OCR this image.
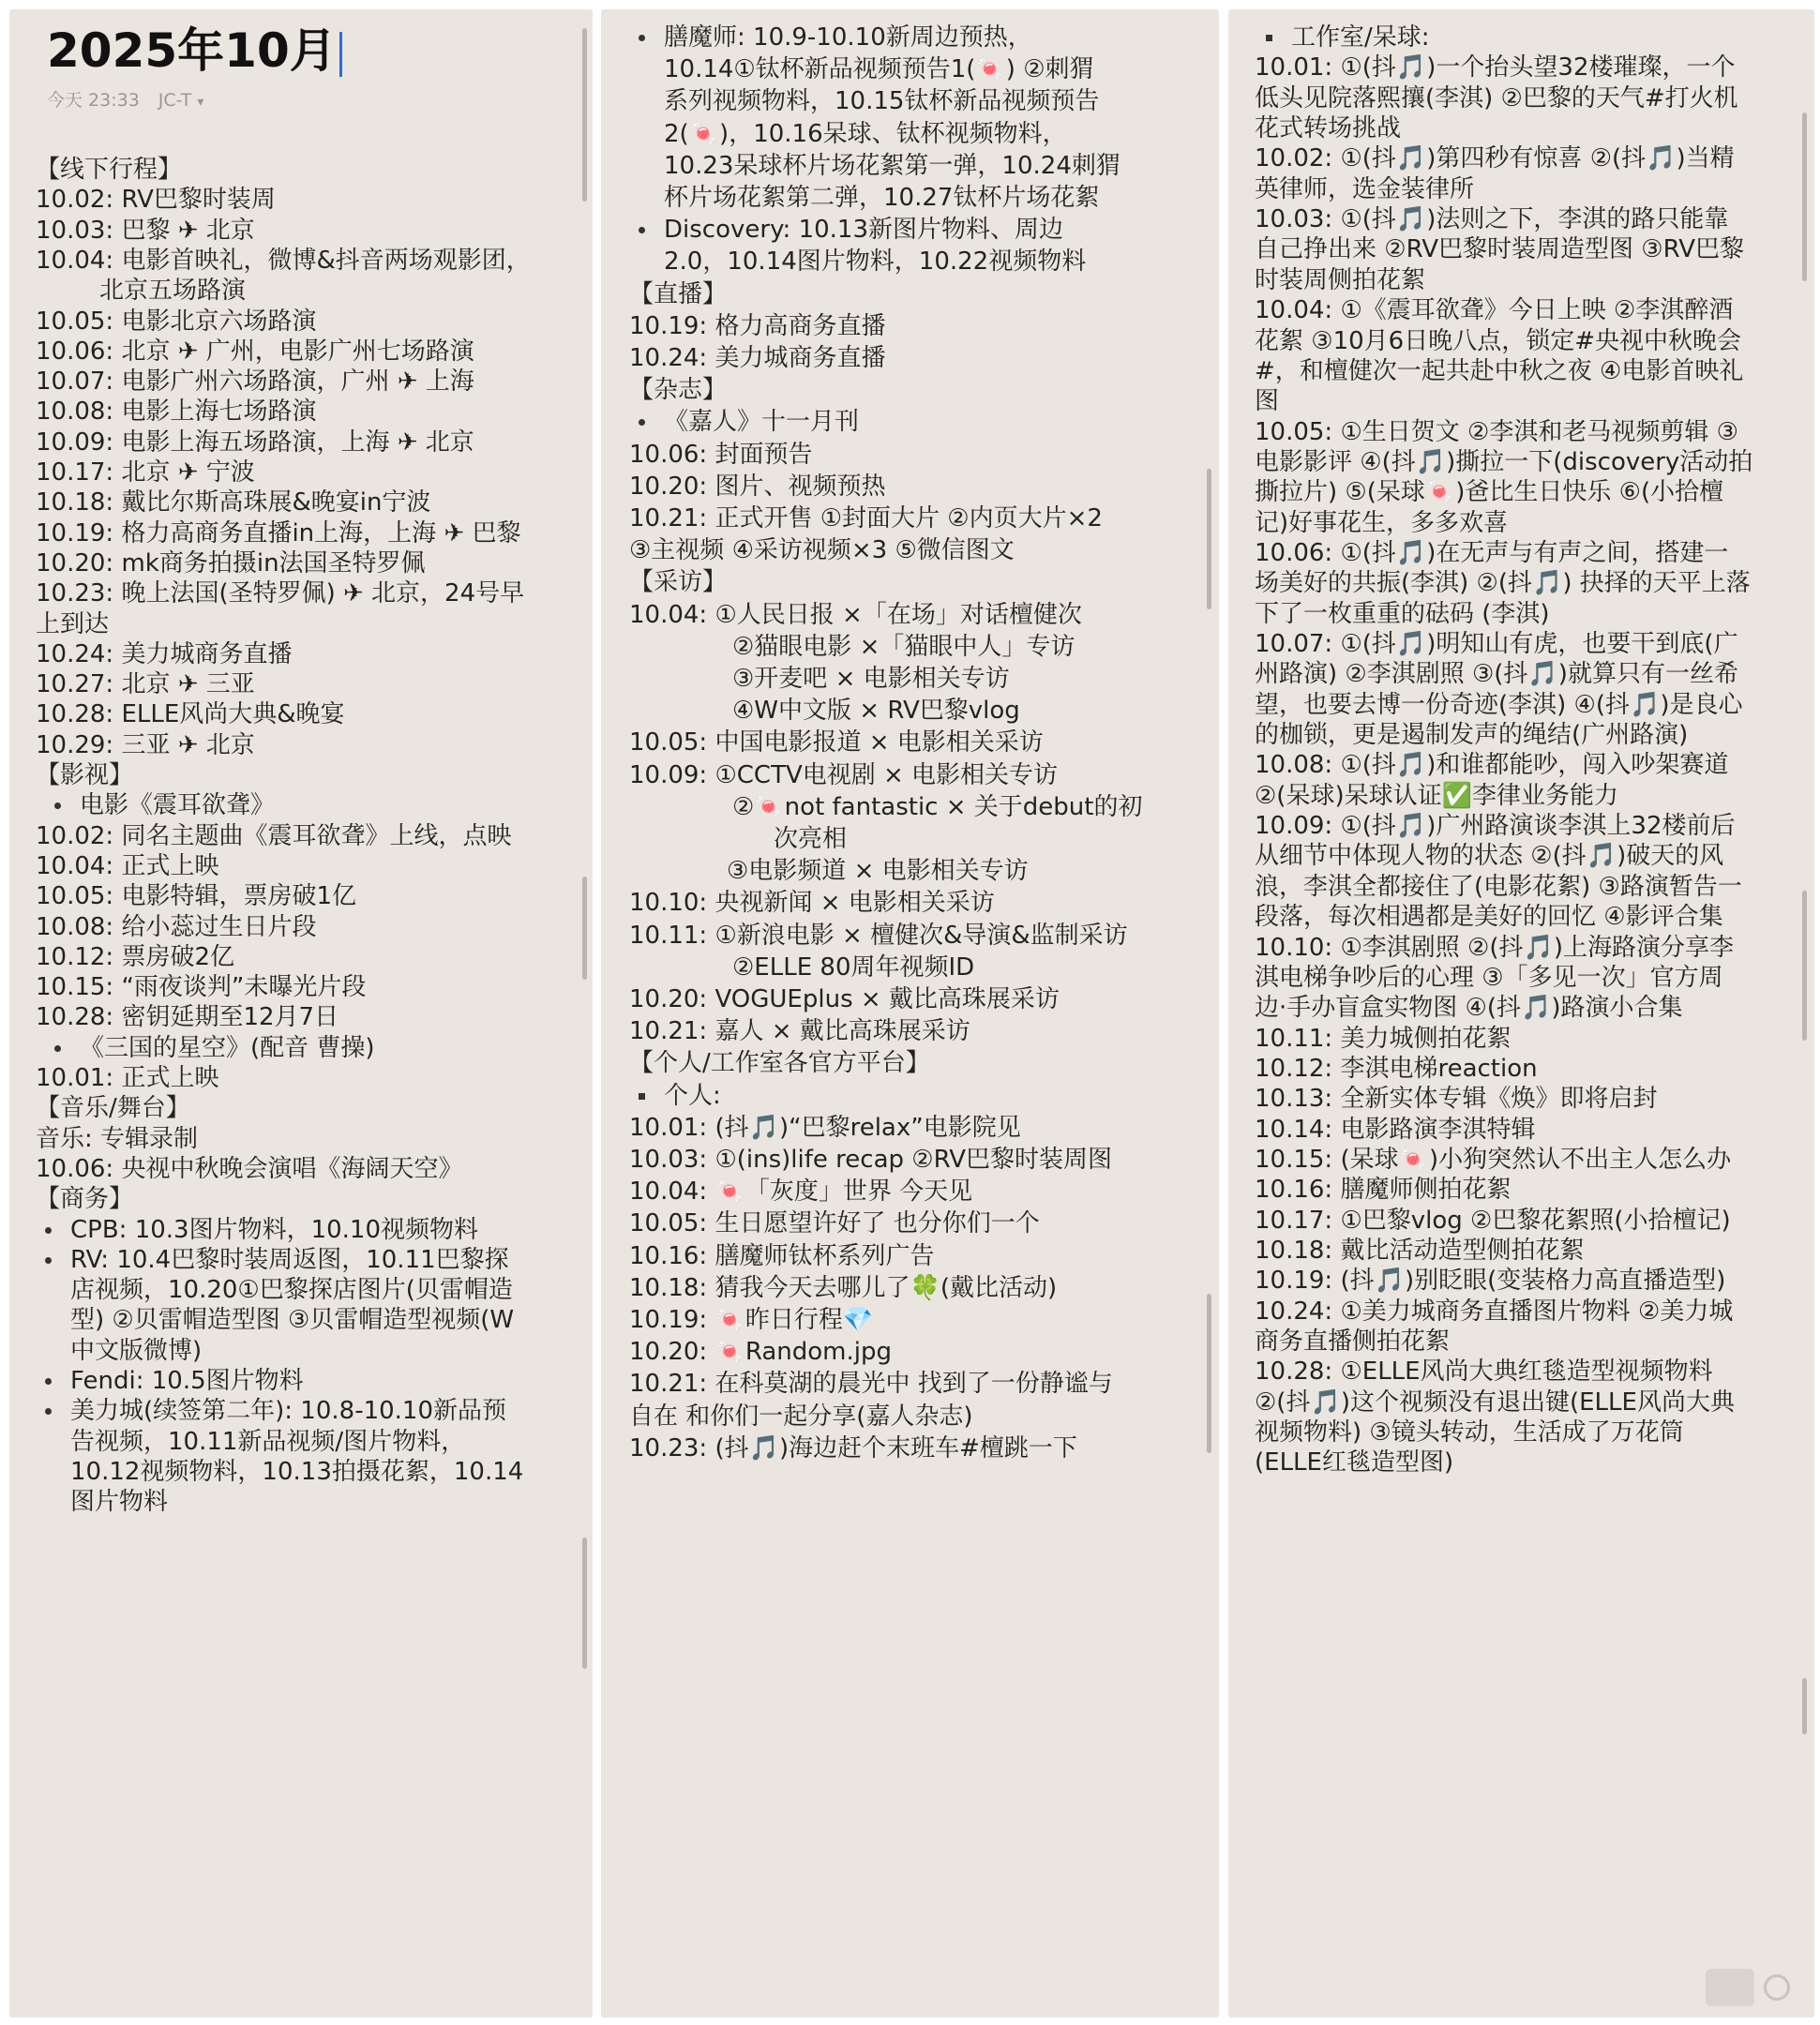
2025年10月
今天 23:33 JC-T ▾
【线下行程】
10.02: RV巴黎时装周
10.03: 巴黎 ✈ 北京
10.04: 电影首映礼，微博&抖音两场观影团，
北京五场路演
10.05: 电影北京六场路演
10.06: 北京 ✈ 广州，电影广州七场路演
10.07: 电影广州六场路演，广州 ✈ 上海
10.08: 电影上海七场路演
10.09: 电影上海五场路演，上海 ✈ 北京
10.17: 北京 ✈ 宁波
10.18: 戴比尔斯高珠展&晚宴in宁波
10.19: 格力高商务直播in上海，上海 ✈ 巴黎
10.20: mk商务拍摄in法国圣特罗佩
10.23: 晚上法国(圣特罗佩) ✈ 北京，24号早
上到达
10.24: 美力城商务直播
10.27: 北京 ✈ 三亚
10.28: ELLE风尚大典&晚宴
10.29: 三亚 ✈ 北京
【影视】
电影《震耳欲聋》
10.02: 同名主题曲《震耳欲聋》上线，点映
10.04: 正式上映
10.05: 电影特辑，票房破1亿
10.08: 给小蕊过生日片段
10.12: 票房破2亿
10.15: “雨夜谈判”未曝光片段
10.28: 密钥延期至12月7日
《三国的星空》(配音 曹操)
10.01: 正式上映
【音乐/舞台】
音乐: 专辑录制
10.06: 央视中秋晚会演唱《海阔天空》
【商务】
CPB: 10.3图片物料，10.10视频物料
RV: 10.4巴黎时装周返图，10.11巴黎探
店视频，10.20①巴黎探店图片(贝雷帽造
型) ②贝雷帽造型图 ③贝雷帽造型视频(W
中文版微博)
Fendi: 10.5图片物料
美力城(续签第二年): 10.8-10.10新品预
告视频，10.11新品视频/图片物料，
10.12视频物料，10.13拍摄花絮，10.14
图片物料
膳魔师: 10.9-10.10新周边预热，
10.14①钛杯新品视频预告1(🍬) ②刺猬
系列视频物料，10.15钛杯新品视频预告
2(🍬)，10.16呆球、钛杯视频物料，
10.23呆球杯片场花絮第一弹，10.24刺猬
杯片场花絮第二弹，10.27钛杯片场花絮
Discovery: 10.13新图片物料、周边
2.0，10.14图片物料，10.22视频物料
【直播】
10.19: 格力高商务直播
10.24: 美力城商务直播
【杂志】
《嘉人》十一月刊
10.06: 封面预告
10.20: 图片、视频预热
10.21: 正式开售 ①封面大片 ②内页大片×2
③主视频 ④采访视频×3 ⑤微信图文
【采访】
10.04: ①人民日报 ×「在场」对话檀健次
②猫眼电影 ×「猫眼中人」专访
③开麦吧 × 电影相关专访
④W中文版 × RV巴黎vlog
10.05: 中国电影报道 × 电影相关采访
10.09: ①CCTV电视剧 × 电影相关专访
②🍬not fantastic × 关于debut的初
次亮相
③电影频道 × 电影相关专访
10.10: 央视新闻 × 电影相关采访
10.11: ①新浪电影 × 檀健次&导演&监制采访
②ELLE 80周年视频ID
10.20: VOGUEplus × 戴比高珠展采访
10.21: 嘉人 × 戴比高珠展采访
【个人/工作室各官方平台】
个人:
10.01: (抖🎵)“巴黎relax”电影院见
10.03: ①(ins)life recap ②RV巴黎时装周图
10.04: 🍬「灰度」世界 今天见
10.05: 生日愿望许好了 也分你们一个
10.16: 膳魔师钛杯系列广告
10.18: 猜我今天去哪儿了🍀(戴比活动)
10.19: 🍬昨日行程💎
10.20: 🍬Random.jpg
10.21: 在科莫湖的晨光中 找到了一份静谧与
自在 和你们一起分享(嘉人杂志)
10.23: (抖🎵)海边赶个末班车#檀跳一下
工作室/呆球:
10.01: ①(抖🎵)一个抬头望32楼璀璨，一个
低头见院落熙攘(李淇) ②巴黎的天气#打火机
花式转场挑战
10.02: ①(抖🎵)第四秒有惊喜 ②(抖🎵)当精
英律师，选金装律所
10.03: ①(抖🎵)法则之下，李淇的路只能靠
自己挣出来 ②RV巴黎时装周造型图 ③RV巴黎
时装周侧拍花絮
10.04: ①《震耳欲聋》今日上映 ②李淇醉酒
花絮 ③10月6日晚八点，锁定#央视中秋晚会
#，和檀健次一起共赴中秋之夜 ④电影首映礼
图
10.05: ①生日贺文 ②李淇和老马视频剪辑 ③
电影影评 ④(抖🎵)撕拉一下(discovery活动拍
撕拉片) ⑤(呆球🍬)爸比生日快乐 ⑥(小拾檀
记)好事花生，多多欢喜
10.06: ①(抖🎵)在无声与有声之间，搭建一
场美好的共振(李淇) ②(抖🎵) 抉择的天平上落
下了一枚重重的砝码 (李淇)
10.07: ①(抖🎵)明知山有虎，也要干到底(广
州路演) ②李淇剧照 ③(抖🎵)就算只有一丝希
望，也要去博一份奇迹(李淇) ④(抖🎵)是良心
的枷锁，更是遏制发声的绳结(广州路演)
10.08: ①(抖🎵)和谁都能吵，闯入吵架赛道
②(呆球)呆球认证✅李律业务能力
10.09: ①(抖🎵)广州路演谈李淇上32楼前后
从细节中体现人物的状态 ②(抖🎵)破天的风
浪，李淇全都接住了(电影花絮) ③路演暂告一
段落，每次相遇都是美好的回忆 ④影评合集
10.10: ①李淇剧照 ②(抖🎵)上海路演分享李
淇电梯争吵后的心理 ③「多见一次」官方周
边·手办盲盒实物图 ④(抖🎵)路演小合集
10.11: 美力城侧拍花絮
10.12: 李淇电梯reaction
10.13: 全新实体专辑《焕》即将启封
10.14: 电影路演李淇特辑
10.15: (呆球🍬)小狗突然认不出主人怎么办
10.16: 膳魔师侧拍花絮
10.17: ①巴黎vlog ②巴黎花絮照(小拾檀记)
10.18: 戴比活动造型侧拍花絮
10.19: (抖🎵)别眨眼(变装格力高直播造型)
10.24: ①美力城商务直播图片物料 ②美力城
商务直播侧拍花絮
10.28: ①ELLE风尚大典红毯造型视频物料
②(抖🎵)这个视频没有退出键(ELLE风尚大典
视频物料) ③镜头转动，生活成了万花筒
(ELLE红毯造型图)
